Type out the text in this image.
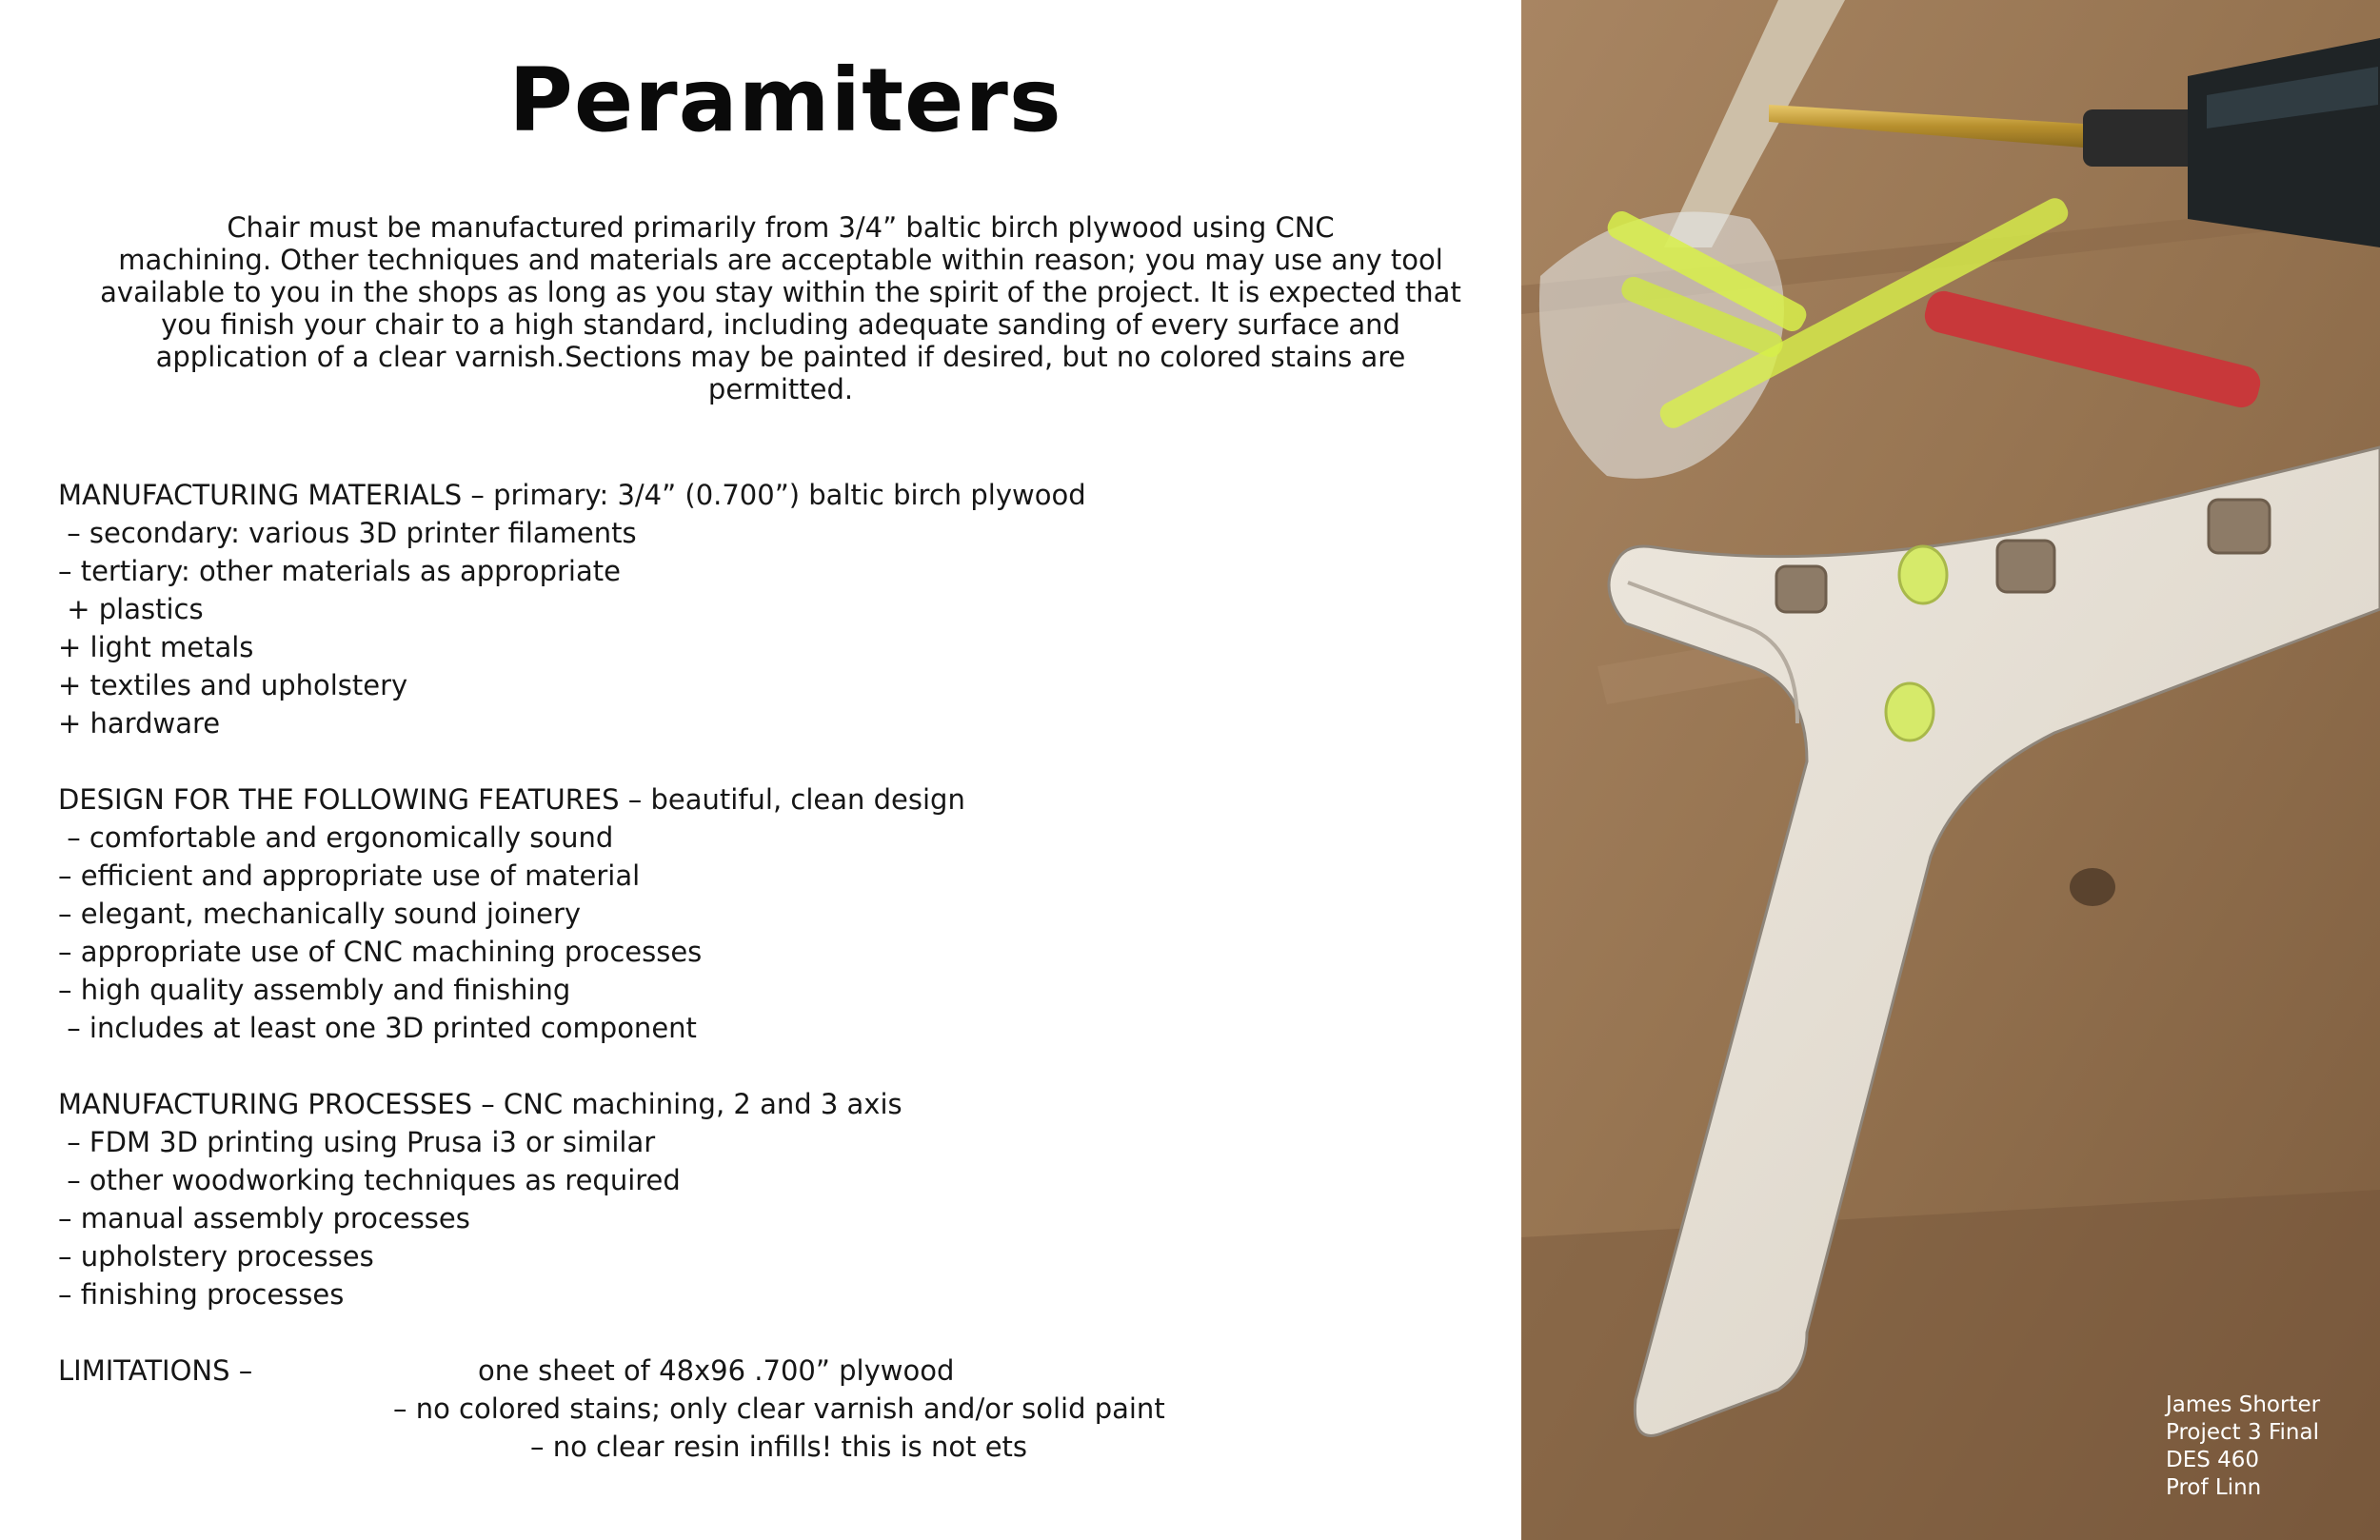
Peramiters
Chair must be manufactured primarily from 3/4” baltic birch plywood using CNC
machining. Other techniques and materials are acceptable within reason; you may use any tool
available to you in the shops as long as you stay within the spirit of the project. It is expected that
you finish your chair to a high standard, including adequate sanding of every surface and
application of a clear varnish.Sections may be painted if desired, but no colored stains are
permitted.
MANUFACTURING MATERIALS – primary: 3/4” (0.700”) baltic birch plywood
– secondary: various 3D printer filaments
– tertiary: other materials as appropriate
+ plastics
+ light metals
+ textiles and upholstery
+ hardware
DESIGN FOR THE FOLLOWING FEATURES – beautiful, clean design
– comfortable and ergonomically sound
– efficient and appropriate use of material
– elegant, mechanically sound joinery
– appropriate use of CNC machining processes
– high quality assembly and finishing
– includes at least one 3D printed component
MANUFACTURING PROCESSES – CNC machining, 2 and 3 axis
– FDM 3D printing using Prusa i3 or similar
– other woodworking techniques as required
– manual assembly processes
– upholstery processes
– finishing processes
LIMITATIONS –	one sheet of 48x96 .700” plywood
– no colored stains; only clear varnish and/or solid paint
– no clear resin infills! this is not ets
James Shorter
Project 3 Final
DES 460
Prof Linn
